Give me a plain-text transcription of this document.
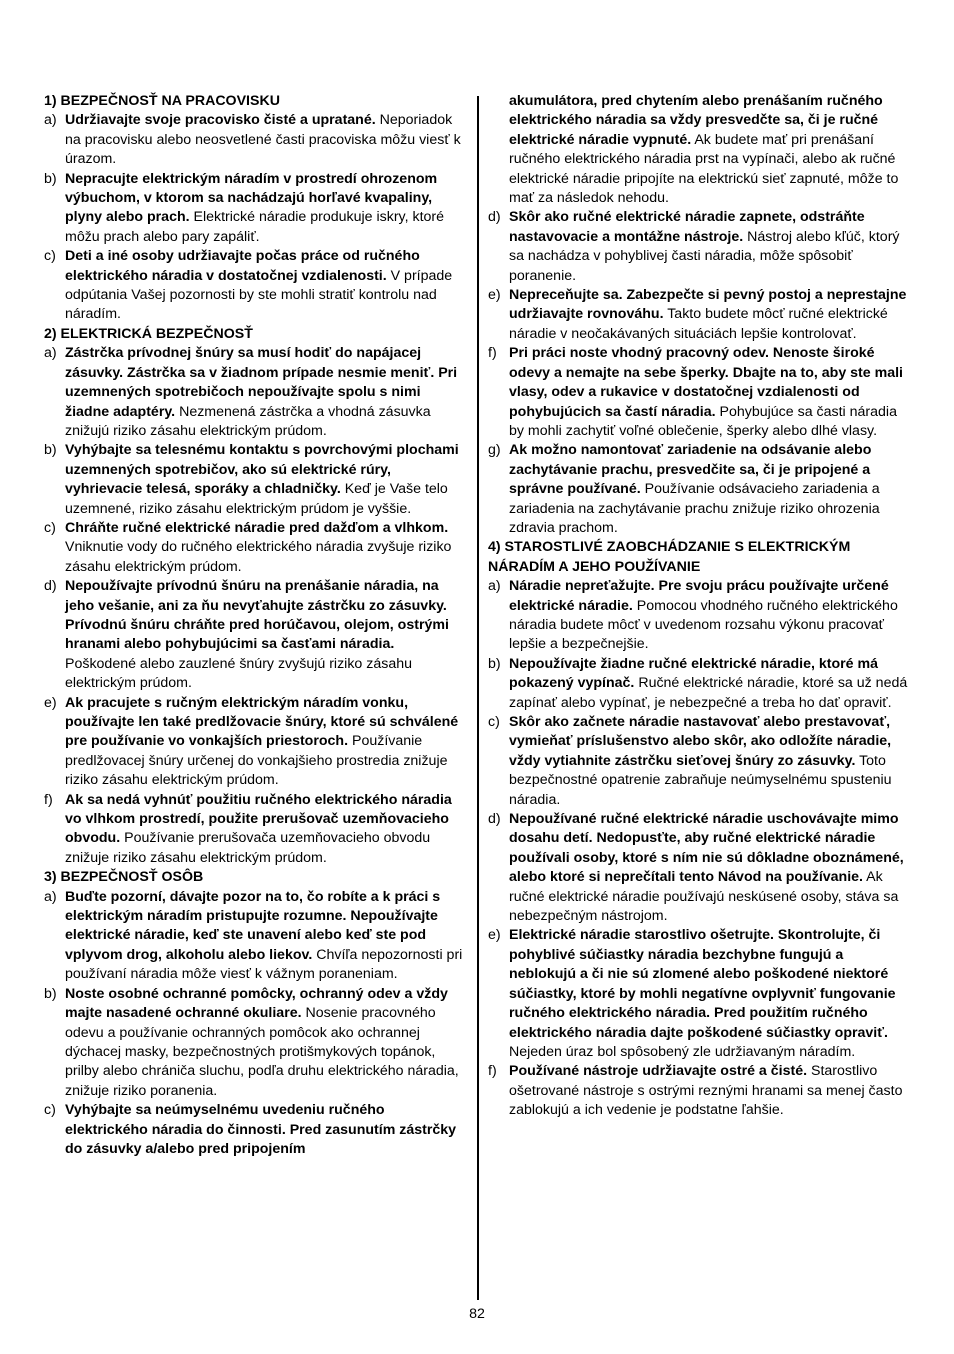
1) BEZPEČNOSŤ NA PRACOVISKU

a) Udržiavajte svoje pracovisko čisté a upratané. Neporiadok na pracovisku alebo neosvetlené časti pracoviska môžu viesť k úrazom.

b) Nepracujte elektrickým náradím v prostredí ohrozenom výbuchom, v ktorom sa nachádzajú horľavé kvapaliny, plyny alebo prach. Elektrické náradie produkuje iskry, ktoré môžu prach alebo pary zapáliť.

c) Deti a iné osoby udržiavajte počas práce od ručného elektrického náradia v dostatočnej vzdialenosti. V prípade odpútania Vašej pozornosti by ste mohli stratiť kontrolu nad náradím.

2) ELEKTRICKÁ BEZPEČNOSŤ

a) Zástrčka prívodnej šnúry sa musí hodiť do napájacej zásuvky. Zástrčka sa v žiadnom prípade nesmie meniť. Pri uzemnených spotrebičoch nepoužívajte spolu s nimi žiadne adaptéry. Nezmenená zástrčka a vhodná zásuvka znižujú riziko zásahu elektrickým prúdom.

b) Vyhýbajte sa telesnému kontaktu s povrchovými plochami uzemnených spotrebičov, ako sú elektrické rúry, vyhrievacie telesá, sporáky a chladničky. Keď je Vaše telo uzemnené, riziko zásahu elektrickým prúdom je vyššie.

c) Chráňte ručné elektrické náradie pred dažďom a vlhkom. Vniknutie vody do ručného elektrického náradia zvyšuje riziko zásahu elektrickým prúdom.

d) Nepoužívajte prívodnú šnúru na prenášanie náradia, na jeho vešanie, ani za ňu nevyťahujte zástrčku zo zásuvky. Prívodnú šnúru chráňte pred horúčavou, olejom, ostrými hranami alebo pohybujúcimi sa časťami náradia. Poškodené alebo zauzlené šnúry zvyšujú riziko zásahu elektrickým prúdom.

e) Ak pracujete s ručným elektrickým náradím vonku, používajte len také predlžovacie šnúry, ktoré sú schválené pre používanie vo vonkajších priestoroch. Používanie predlžovacej šnúry určenej do vonkajšieho prostredia znižuje riziko zásahu elektrickým prúdom.

f) Ak sa nedá vyhnúť použitiu ručného elektrického náradia vo vlhkom prostredí, použite prerušovač uzemňovacieho obvodu. Používanie prerušovača uzemňovacieho obvodu znižuje riziko zásahu elektrickým prúdom.

3) BEZPEČNOSŤ OSÔB

a) Buďte pozorní, dávajte pozor na to, čo robíte a k práci s elektrickým náradím pristupujte rozumne. Nepoužívajte elektrické náradie, keď ste unavení alebo keď ste pod vplyvom drog, alkoholu alebo liekov. Chvíľa nepozornosti pri používaní náradia môže viesť k vážnym poraneniam.

b) Noste osobné ochranné pomôcky, ochranný odev a vždy majte nasadené ochranné okuliare. Nosenie pracovného odevu a používanie ochranných pomôcok ako ochrannej dýchacej masky, bezpečnostných protišmykových topánok, prilby alebo chrániča sluchu, podľa druhu elektrického náradia, znižuje riziko poranenia.

c) Vyhýbajte sa neúmyselnému uvedeniu ručného elektrického náradia do činnosti. Pred zasunutím zástrčky do zásuvky a/alebo pred pripojením

akumulátora, pred chytením alebo prenášaním ručného elektrického náradia sa vždy presvedčte sa, či je ručné elektrické náradie vypnuté. Ak budete mať pri prenášaní ručného elektrického náradia prst na vypínači, alebo ak ručné elektrické náradie pripojíte na elektrickú sieť zapnuté, môže to mať za následok nehodu.

d) Skôr ako ručné elektrické náradie zapnete, odstráňte nastavovacie a montážne nástroje. Nástroj alebo kľúč, ktorý sa nachádza v pohyblivej časti náradia, môže spôsobiť poranenie.

e) Nepreceňujte sa. Zabezpečte si pevný postoj a neprestajne udržiavajte rovnováhu. Takto budete môcť ručné elektrické náradie v neočakávaných situáciách lepšie kontrolovať.

f) Pri práci noste vhodný pracovný odev. Nenoste široké odevy a nemajte na sebe šperky. Dbajte na to, aby ste mali vlasy, odev a rukavice v dostatočnej vzdialenosti od pohybujúcich sa častí náradia. Pohybujúce sa časti náradia by mohli zachytiť voľné oblečenie, šperky alebo dlhé vlasy.

g) Ak možno namontovať zariadenie na odsávanie alebo zachytávanie prachu, presvedčite sa, či je pripojené a správne používané. Používanie odsávacieho zariadenia a zariadenia na zachytávanie prachu znižuje riziko ohrozenia zdravia prachom.

4) STAROSTLIVÉ ZAOBCHÁDZANIE S ELEKTRICKÝM NÁRADÍM A JEHO POUŽÍVANIE

a) Náradie nepreťažujte. Pre svoju prácu používajte určené elektrické náradie. Pomocou vhodného ručného elektrického náradia budete môcť v uvedenom rozsahu výkonu pracovať lepšie a bezpečnejšie.

b) Nepoužívajte žiadne ručné elektrické náradie, ktoré má pokazený vypínač. Ručné elektrické náradie, ktoré sa už nedá zapínať alebo vypínať, je nebezpečné a treba ho dať opraviť.

c) Skôr ako začnete náradie nastavovať alebo prestavovať, vymieňať príslušenstvo alebo skôr, ako odložíte náradie, vždy vytiahnite zástrčku sieťovej šnúry zo zásuvky. Toto bezpečnostné opatrenie zabraňuje neúmyselnému spusteniu náradia.

d) Nepoužívané ručné elektrické náradie uschovávajte mimo dosahu detí. Nedopusťte, aby ručné elektrické náradie používali osoby, ktoré s ním nie sú dôkladne oboznámené, alebo ktoré si neprečítali tento Návod na používanie. Ak ručné elektrické náradie používajú neskúsené osoby, stáva sa nebezpečným nástrojom.

e) Elektrické náradie starostlivo ošetrujte. Skontrolujte, či pohyblivé súčiastky náradia bezchybne fungujú a neblokujú a či nie sú zlomené alebo poškodené niektoré súčiastky, ktoré by mohli negatívne ovplyvniť fungovanie ručného elektrického náradia. Pred použitím ručného elektrického náradia dajte poškodené súčiastky opraviť. Nejeden úraz bol spôsobený zle udržiavaným náradím.

f) Používané nástroje udržiavajte ostré a čisté. Starostlivo ošetrované nástroje s ostrými reznými hranami sa menej často zablokujú a ich vedenie je podstatne ľahšie.

82
